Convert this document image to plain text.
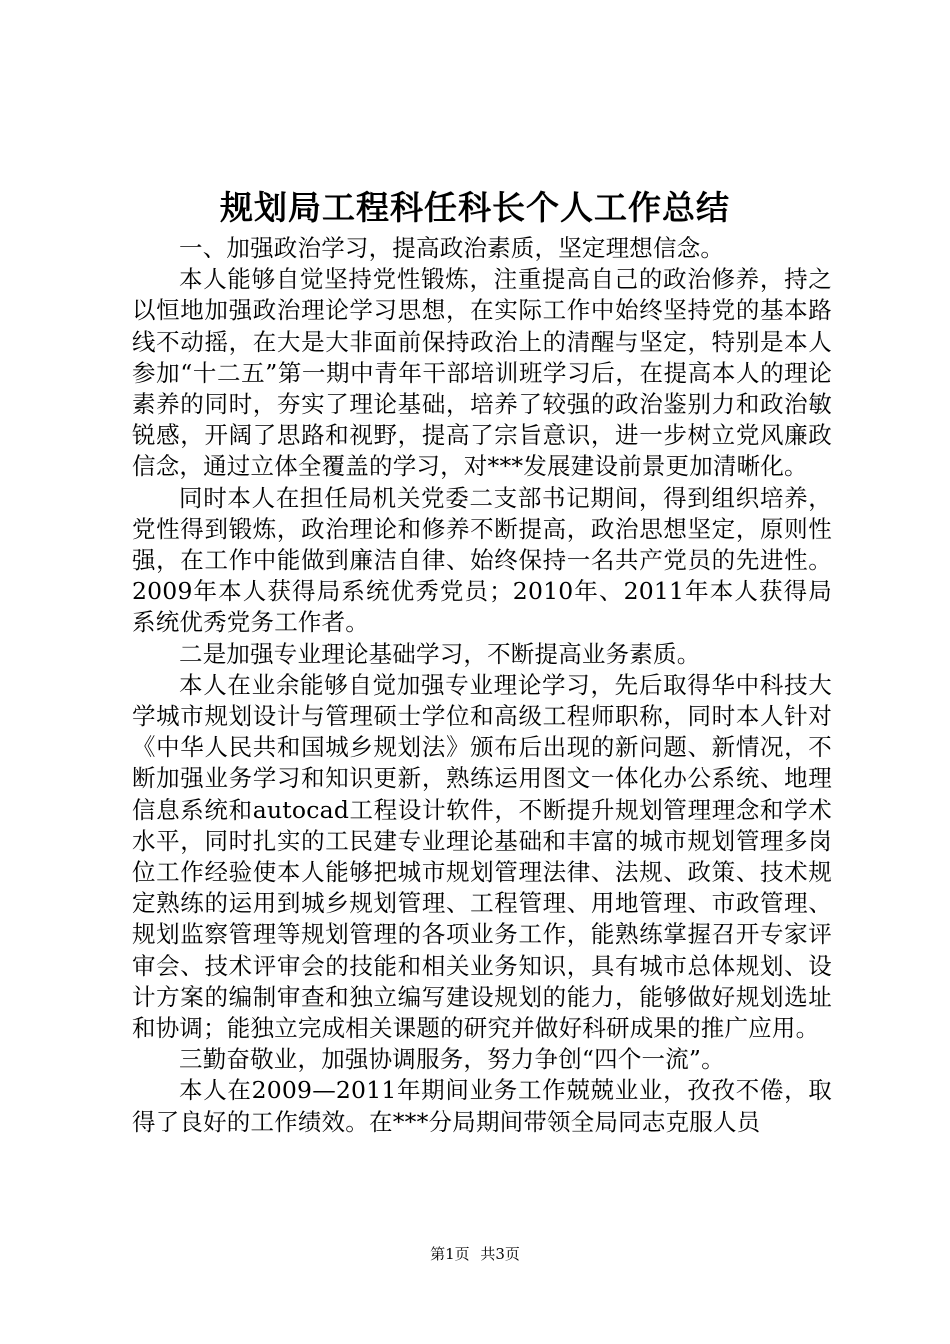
规划局工程科任科长个人工作总结

一、加强政治学习，提高政治素质，坚定理想信念。

本人能够自觉坚持党性锻炼，注重提高自己的政治修养，持之以恒地加强政治理论学习思想，在实际工作中始终坚持党的基本路线不动摇，在大是大非面前保持政治上的清醒与坚定，特别是本人参加“十二五”第一期中青年干部培训班学习后，在提高本人的理论素养的同时，夯实了理论基础，培养了较强的政治鉴别力和政治敏锐感，开阔了思路和视野，提高了宗旨意识，进一步树立党风廉政信念，通过立体全覆盖的学习，对***发展建设前景更加清晰化。

同时本人在担任局机关党委二支部书记期间，得到组织培养，党性得到锻炼，政治理论和修养不断提高，政治思想坚定，原则性强，在工作中能做到廉洁自律、始终保持一名共产党员的先进性。2009年本人获得局系统优秀党员；2010年、2011年本人获得局系统优秀党务工作者。

二是加强专业理论基础学习，不断提高业务素质。

本人在业余能够自觉加强专业理论学习，先后取得华中科技大学城市规划设计与管理硕士学位和高级工程师职称，同时本人针对《中华人民共和国城乡规划法》颁布后出现的新问题、新情况，不断加强业务学习和知识更新，熟练运用图文一体化办公系统、地理信息系统和autocad工程设计软件，不断提升规划管理理念和学术水平，同时扎实的工民建专业理论基础和丰富的城市规划管理多岗位工作经验使本人能够把城市规划管理法律、法规、政策、技术规定熟练的运用到城乡规划管理、工程管理、用地管理、市政管理、规划监察管理等规划管理的各项业务工作，能熟练掌握召开专家评审会、技术评审会的技能和相关业务知识，具有城市总体规划、设计方案的编制审查和独立编写建设规划的能力，能够做好规划选址和协调；能独立完成相关课题的研究并做好科研成果的推广应用。

三勤奋敬业，加强协调服务，努力争创“四个一流”。

本人在2009—2011年期间业务工作兢兢业业，孜孜不倦，取得了良好的工作绩效。在***分局期间带领全局同志克服人员

第1页 共3页
